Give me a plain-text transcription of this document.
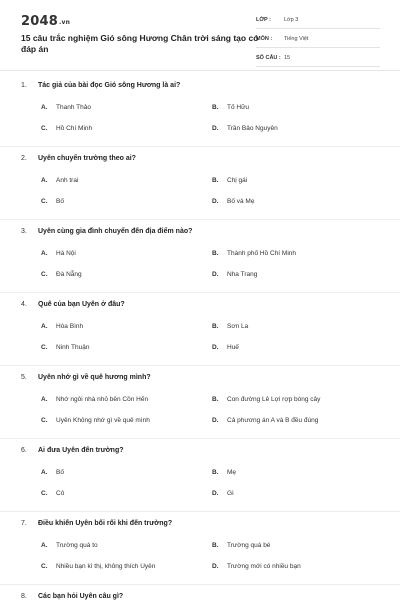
2048.vn
15 câu trắc nghiệm Gió sông Hương Chân trời sáng tạo có đáp án
LỚP : Lớp 3
MÔN : Tiếng Việt
SỐ CÂU : 15
1. Tác giả của bài đọc Gió sông Hương là ai?
A. Thanh Thảo	B. Tố Hữu
C. Hồ Chí Minh	D. Trần Bảo Nguyên
2. Uyên chuyển trường theo ai?
A. Anh trai	B. Chị gái
C. Bố	D. Bố và Mẹ
3. Uyên cùng gia đình chuyển đến địa điểm nào?
A. Hà Nội	B. Thành phố Hồ Chí Minh
C. Đà Nẵng	D. Nha Trang
4. Quê của bạn Uyên ở đâu?
A. Hòa Bình	B. Sơn La
C. Ninh Thuận	D. Huế
5. Uyên nhớ gì về quê hương mình?
A. Nhớ ngôi nhà nhỏ bên Cồn Hến	B. Con đường Lê Lợi rợp bóng cây
C. Uyên Không nhớ gì về quê mình	D. Cả phương án A và B đều đúng
6. Ai đưa Uyên đến trường?
A. Bố	B. Mẹ
C. Cô	D. Gì
7. Điều khiến Uyên bối rối khi đến trường?
A. Trường quá to	B. Trường quá bé
C. Nhiều bạn kì thị, không thích Uyên	D. Trường mới có nhiều bạn
8. Các bạn hỏi Uyên câu gì?
